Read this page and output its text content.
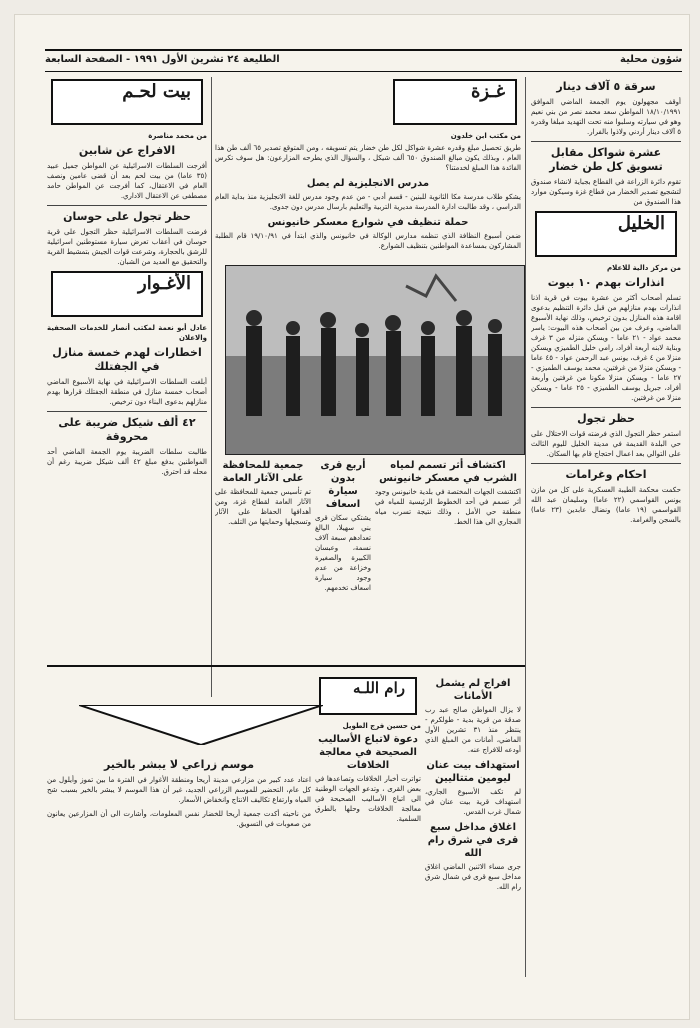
شؤون محلية
الطليعة ٢٤ تشرين الأول ١٩٩١ - الصفحة السابعة
سرقة ٥ آلاف دينار
أوقف مجهولون يوم الجمعة الماضي الموافق ١٨/١٠/١٩٩١ المواطن سعد محمد نصر من بني نعيم وهو في سيارته وسلبوا منه تحت التهديد مبلغا وقدره ٥ آلاف دينار أردني ولاذوا بالفرار.
عشرة شواكل مقابل تسويق كل طن خضار
تقوم دائرة الزراعة في القطاع بجباية لانشاء صندوق لتشجيع تصدير الخضار من قطاع غزة وسيكون موارد هذا الصندوق من
الخليل
من مركز دالية للاعلام
انذارات بهدم ١٠ بيوت
تسلم أصحاب أكثر من عشرة بيوت في قرية اذنا انذارات بهدم منازلهم من قبل دائرة التنظيم بدعوى اقامة هذه المنازل بدون ترخيص، وذلك نهاية الأسبوع الماضي، وعرف من بين أصحاب هذه البيوت: ياسر محمد عواد - ٢١ عاما - ويسكن منزله من ٣ غرف وبناية لابنه أربعة أفراد، رامي خليل الطميزي ويسكن منزلا من ٤ غرف، يونس عبد الرحمن عواد - ٤٥ عاما - ويسكن منزلا من غرفتين، محمد يوسف الطميزي - ٢٧ عاما - ويسكن منزلا مكونا من غرفتين وأربعة أفراد، جبريل يوسف الطميزي - ٢٥ عاما - ويسكن منزلا من غرفتين.
حظر تجول
استمر حظر التجول الذي فرضته قوات الاحتلال على حي البلدة القديمة في مدينة الخليل لليوم الثالث على التوالي بعد اعمال احتجاج قام بها السكان.
احكام وغرامات
حكمت محكمة الطيبة العسكرية على كل من مازن يونس القواسمي (٢٢ عاما) وسليمان عبد الله القواسمي (١٩ عاما) ونضال عابدين (٢٣ عاما) بالسجن والغرامة.
غـزة
من مكتب ابن خلدون
طريق تحصيل مبلغ وقدره عشرة شواكل لكل طن خضار يتم تسويقه ، ومن المتوقع تصدير ٦٥ ألف طن هذا العام ، وبذلك يكون مبالغ الصندوق ٦٥٠ ألف شيكل ، والسؤال الذي يطرحه المزارعون: هل سوف تكرس الفائدة هذا المبلغ لخدمتنا؟
مدرس الانجليزية لم يصل
يشكو طلاب مدرسة مكا الثانوية للبنين - قسم أدبي - من عدم وجود مدرس للغة الانجليزية منذ بداية العام الدراسي ، وقد طالبت ادارة المدرسة مديرية التربية والتعليم بارسال مدرس دون جدوى.
حملة تنظيف في شوارع معسكر خانيونس
ضمن أسبوع النظافة الذي تنظمه مدارس الوكالة في خانيونس والذي ابتدأ في ١٩/١٠/٩١ قام الطلبة المشاركون بمساعدة المواطنين بتنظيف الشوارع.
اكتشاف أثر تسمم لمياه الشرب في معسكر خانيونس
اكتشفت الجهات المختصة في بلدية خانيونس وجود أثر تسمم في أحد الخطوط الرئيسية للمياه في منطقة حي الأمل ، وذلك نتيجة تسرب مياه المجاري الى هذا الخط.
أربع قرى بدون سيارة اسعاف
يشتكي سكان قرى بني سهيلا، البالغ تعدادهم سبعة آلاف نسمة، وعبسان الكبيرة والصغيرة وخزاعة من عدم وجود سيارة اسعاف تخدمهم.
جمعية للمحافظة على الآثار العامة
تم تأسيس جمعية للمحافظة على الآثار العامة لقطاع غزة، ومن أهدافها الحفاظ على الآثار وتسجيلها وحمايتها من التلف.
بيت لحـم
من محمد مناصرة
الافراج عن شابين
أفرجت السلطات الاسرائيلية عن المواطن جميل عبيد (٣٥ عاما) من بيت لحم بعد أن قضى عامين ونصف العام في الاعتقال، كما أفرجت عن المواطن حامد مصطفى عن الاعتقال الاداري.
حظر تجول على حوسان
فرضت السلطات الاسرائيلية حظر التجول على قرية حوسان في أعقاب تعرض سيارة مستوطنين اسرائيلية للرشق بالحجارة، وشرعت قوات الجيش بتمشيط القرية والتحقيق مع العديد من الشبان.
الأغـوار
عادل أبو نعمة لمكتب أنصار للخدمات الصحفية والاعلان
اخطارات لهدم خمسة منازل في الجفتلك
أبلغت السلطات الاسرائيلية في نهاية الأسبوع الماضي أصحاب خمسة منازل في منطقة الجفتلك قرارها بهدم منازلهم بدعوى البناء دون ترخيص.
٤٢ ألف شيكل ضريبة على محروقة
طالبت سلطات الضريبة يوم الجمعة الماضي أحد المواطنين بدفع مبلغ ٤٢ ألف شيكل ضريبة رغم أن محله قد احترق.
افراج لم يشمل الأمانات
لا يزال المواطن صالح عبد رب صدقة من قرية بدية - طولكرم - ينتظر منذ ٣١ تشرين الأول الماضي، أمانات من المبلغ الذي أودعه للافراج عنه.
استهداف بيت عنان ليومين متتاليين
لم تكف الأسبوع الجاري، استهداف قرية بيت عنان في شمال غرب القدس.
اغلاق مداخل سبع قرى في شرق رام الله
جرى مساء الاثنين الماضي اغلاق مداخل سبع قرى في شمال شرق رام الله.
رام اللـه
من حسين فرج الطويل
دعوة لاتباع الأساليب الصحيحة في معالجة الخلافات
تواترت أخبار الخلافات وتصاعدها في بعض القرى ، وتدعو الجهات الوطنية الى اتباع الأساليب الصحيحة في معالجة الخلافات وحلها بالطرق السلمية.
موسم زراعي لا يبشر بالخير
اعتاد عدد كبير من مزارعي مدينة أريحا ومنطقة الأغوار في الفترة ما بين تموز وأيلول من كل عام، التحضير للموسم الزراعي الجديد، غير أن هذا الموسم لا يبشر بالخير بسبب شح المياه وارتفاع تكاليف الانتاج وانخفاض الأسعار.
من ناحيته أكدت جمعية أريحا للخضار نفس المعلومات، وأشارت الى أن المزارعين يعانون من صعوبات في التسويق.
